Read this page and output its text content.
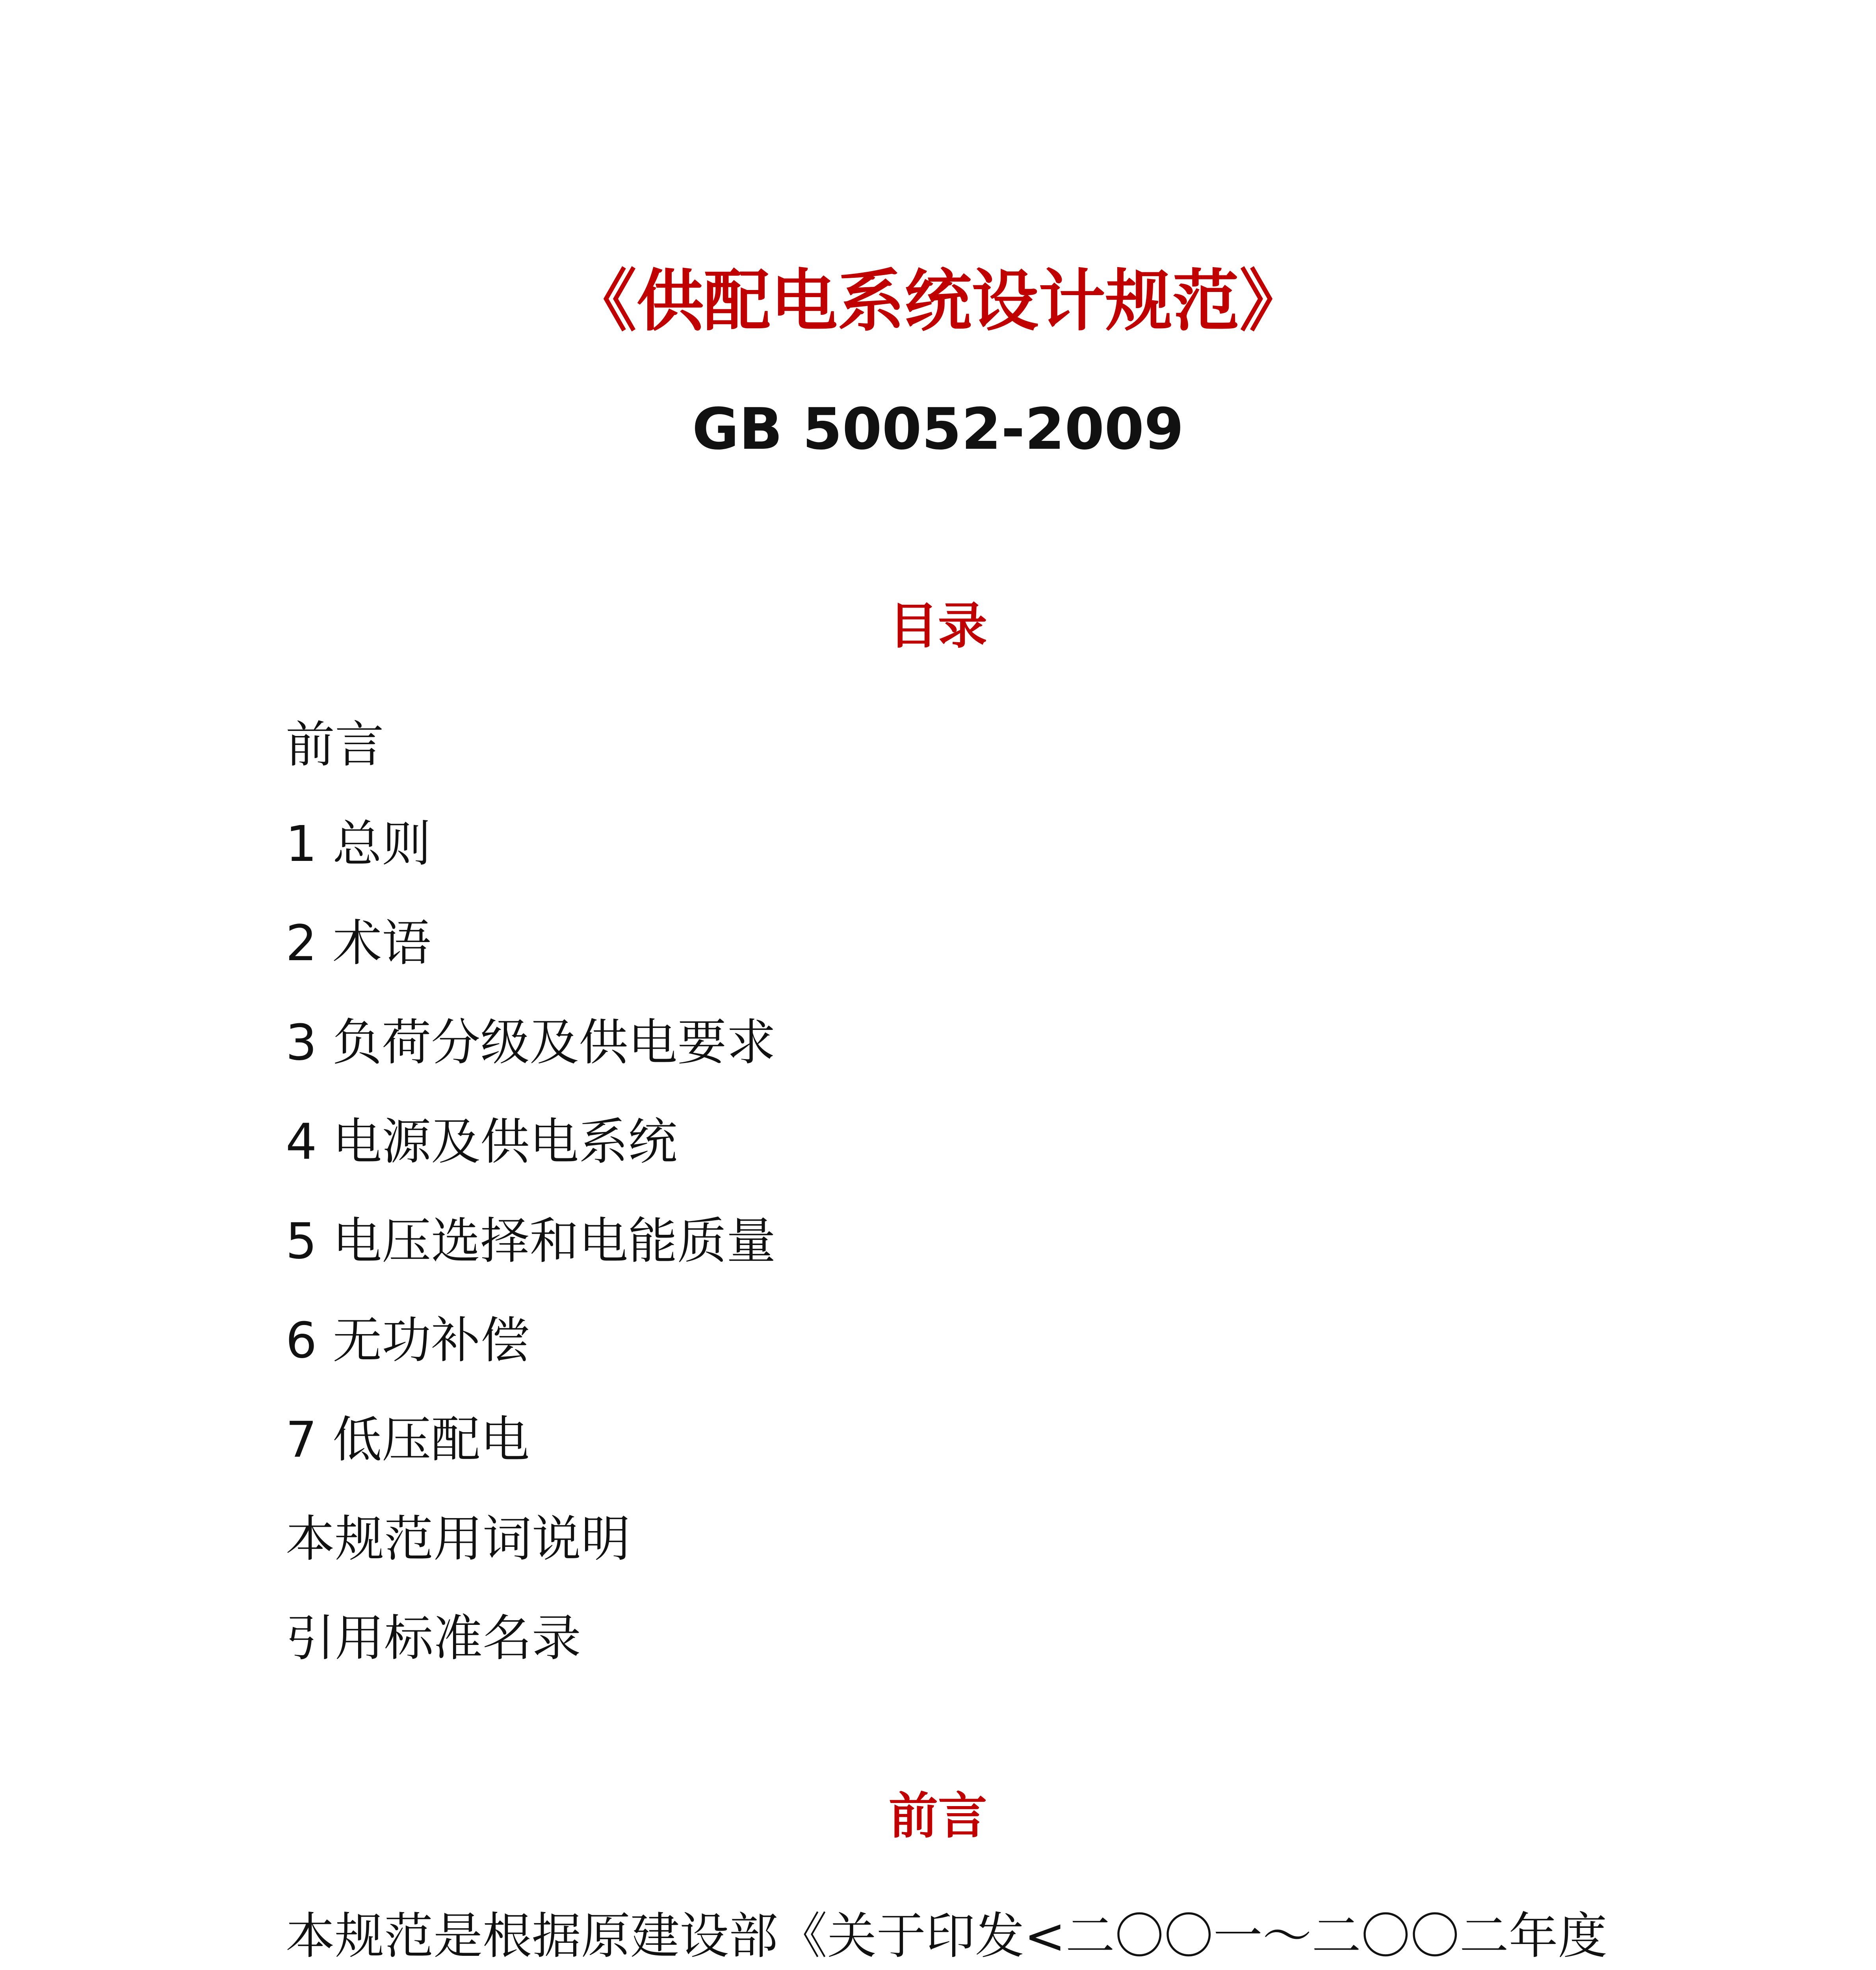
《供配电系统设计规范》
GB 50052-2009
目录
前言
1 总则
2 术语
3 负荷分级及供电要求
4 电源及供电系统
5 电压选择和电能质量
6 无功补偿
7 低压配电
本规范用词说明
引用标准名录
前言

本规范是根据原建设部《关于印发<二〇〇一～二〇〇二年度
